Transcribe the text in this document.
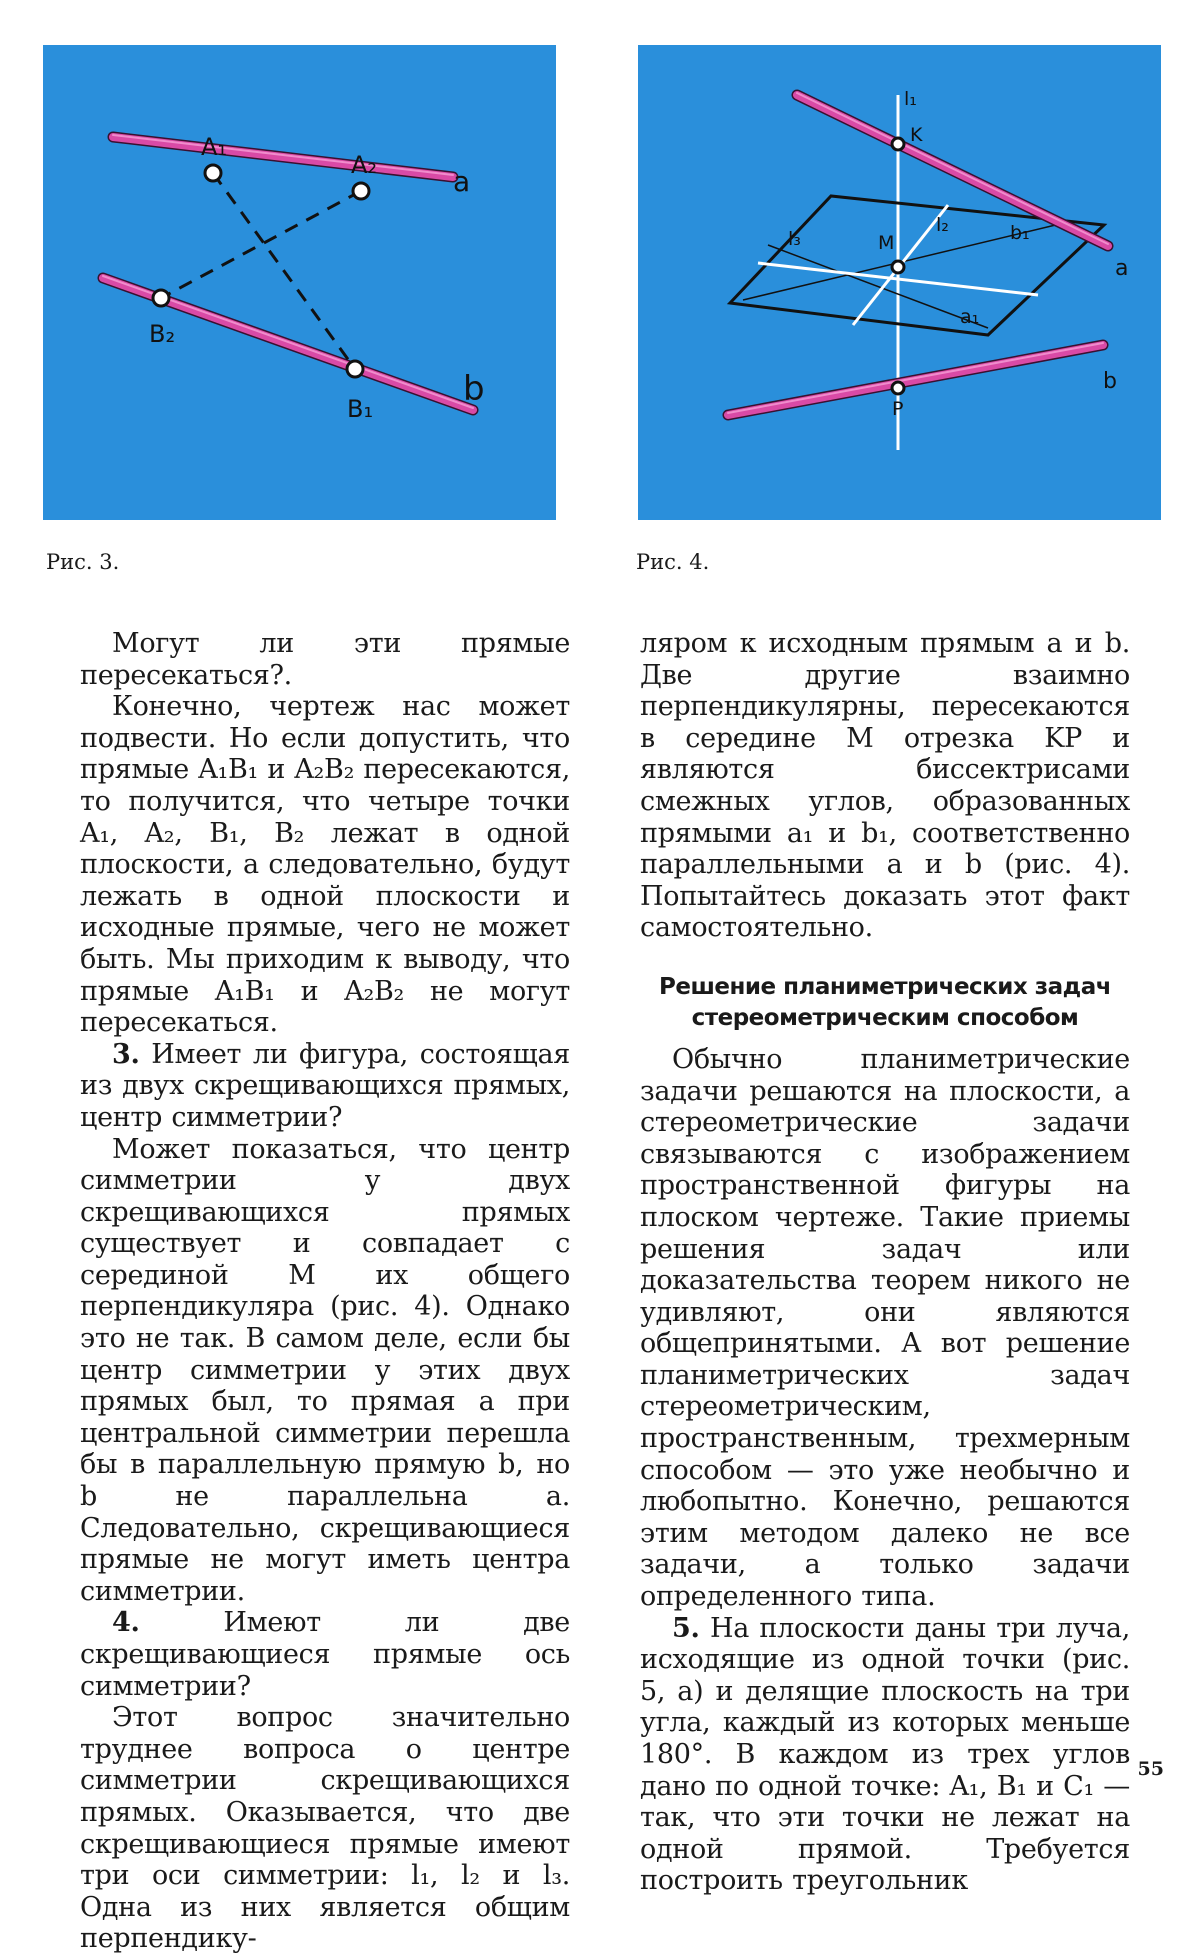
A₁
A₂	a
B₂
B₁	b
l₁
K
l₃	M
l₂	b₁
a
a₁
b
P
Рис. 3.	Рис. 4.

Могут ли эти прямые пересекаться?.

Конечно, чертеж нас может подвести. Но если допустить, что прямые A₁B₁ и A₂B₂ пересекаются, то получится, что четыре точки A₁, A₂, B₁, B₂ лежат в одной плоскости, а следовательно, будут лежать в одной плоскости и исходные прямые, чего не может быть. Мы приходим к выводу, что прямые A₁B₁ и A₂B₂ не могут пересекаться.

3. Имеет ли фигура, состоящая из двух скрещивающихся прямых, центр симметрии?

Может показаться, что центр симметрии у двух скрещивающихся прямых существует и совпадает с серединой M их общего перпендикуляра (рис. 4). Однако это не так. В самом деле, если бы центр симметрии у этих двух прямых был, то прямая a при центральной симметрии перешла бы в параллельную прямую b, но b не параллельна a. Следовательно, скрещивающиеся прямые не могут иметь центра симметрии.

4. Имеют ли две скрещивающиеся прямые ось симметрии?

Этот вопрос значительно труднее вопроса о центре симметрии скрещивающихся прямых. Оказывается, что две скрещивающиеся прямые имеют три оси симметрии: l₁, l₂ и l₃. Одна из них является общим перпендику-

ляром к исходным прямым a и b. Две другие взаимно перпендикулярны, пересекаются в середине M отрезка KP и являются биссектрисами смежных углов, образованных прямыми a₁ и b₁, соответственно параллельными a и b (рис. 4). Попытайтесь доказать этот факт самостоятельно.

Решение планиметрических задач
стереометрическим способом

Обычно планиметрические задачи решаются на плоскости, а стереометрические задачи связываются с изображением пространственной фигуры на плоском чертеже. Такие приемы решения задач или доказательства теорем никого не удивляют, они являются общепринятыми. А вот решение планиметрических задач стереометрическим, пространственным, трехмерным способом — это уже необычно и любопытно. Конечно, решаются этим методом далеко не все задачи, а только задачи определенного типа.

5. На плоскости даны три луча, исходящие из одной точки (рис. 5, a) и делящие плоскость на три угла, каждый из которых меньше 180°. В каждом из трех углов дано по одной точке: A₁, B₁ и C₁ — так, что эти точки не лежат на одной прямой. Требуется построить треугольник

55
